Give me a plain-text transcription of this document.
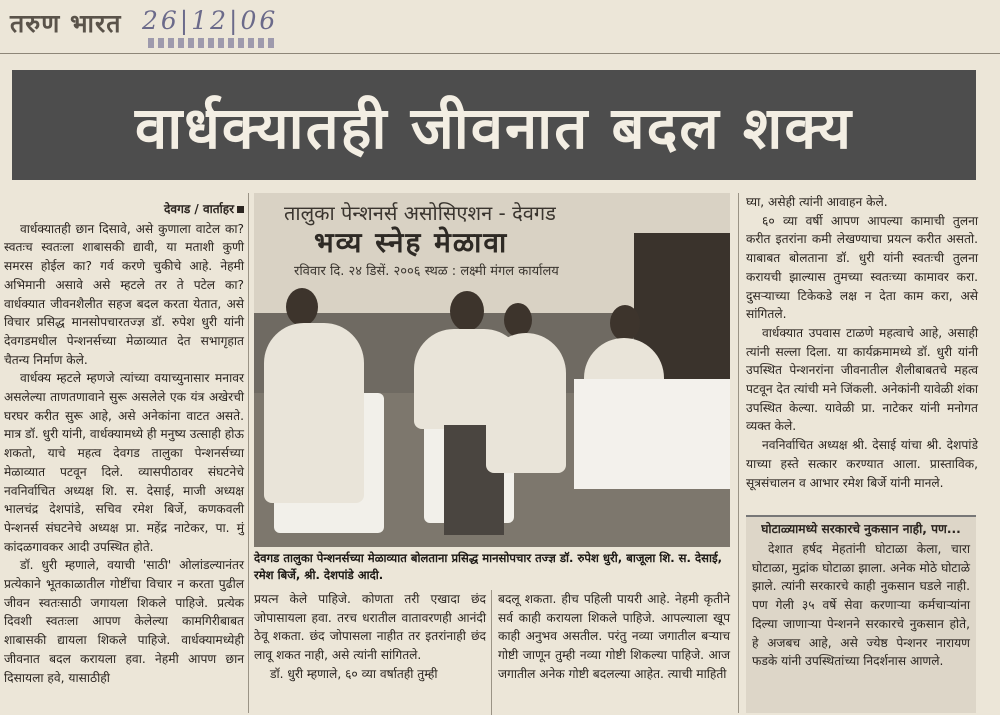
तरुण भारत 26|12|06
वार्धक्यातही जीवनात बदल शक्य
देवगड / वार्ताहर

वार्धक्यातही छान दिसावे, असे कुणाला वाटेल का? स्वतःच स्वतःला शाबासकी द्यावी, या मताशी कुणी समरस होईल का? गर्व करणे चुकीचे आहे. नेहमी अभिमानी असावे असे म्हटले तर ते पटेल का? वार्धक्यात जीवनशैलीत सहज बदल करता येतात, असे विचार प्रसिद्ध मानसोपचारतज्ज्ञ डॉ. रुपेश धुरी यांनी देवगडमधील पेन्शनर्सच्या मेळाव्यात देत सभागृहात चैतन्य निर्माण केले.

वार्धक्य म्हटले म्हणजे त्यांच्या वयाच्युनासार मनावर असलेल्या ताणतणावाने सुरू असलेले एक यंत्र अखेरची घरघर करीत सुरू आहे, असे अनेकांना वाटत असते. मात्र डॉ. धुरी यांनी, वार्धक्यामध्ये ही मनुष्य उत्साही होऊ शकतो, याचे महत्व देवगड तालुका पेन्शनर्सच्या मेळाव्यात पटवून दिले. व्यासपीठावर संघटनेचे नवनिर्वाचित अध्यक्ष शि. स. देसाई, माजी अध्यक्ष भालचंद्र देशपांडे, सचिव रमेश बिर्जे, कणकवली पेन्शनर्स संघटनेचे अध्यक्ष प्रा. महेंद्र नाटेकर, पा. मुं कांदळगावकर आदी उपस्थित होते.

डॉ. धुरी म्हणाले, वयाची 'साठी' ओलांडल्यानंतर प्रत्येकाने भूतकाळातील गोष्टींचा विचार न करता पुढील जीवन स्वतःसाठी जगायला शिकले पाहिजे. प्रत्येक दिवशी स्वतःला आपण केलेल्या कामगिरीबाबत शाबासकी द्यायला शिकले पाहिजे. वार्धक्यामध्येही जीवनात बदल करायला हवा. नेहमी आपण छान दिसायला हवे, यासाठीही

तालुका पेन्शनर्स असोसिएशन - देवगड
भव्य स्नेह मेळावा
रविवार दि. २४ डिसें. २००६ स्थळ : लक्ष्मी मंगल कार्यालय
देवगड तालुका पेन्शनर्सच्या मेळाव्यात बोलताना प्रसिद्ध मानसोपचार तज्ज्ञ डॉ. रुपेश धुरी, बाजूला शि. स. देसाई, रमेश बिर्जे, श्री. देशपांडे आदी.

प्रयत्न केले पाहिजे. कोणता तरी एखादा छंद जोपासायला हवा. तरच धरातील वातावरणही आनंदी ठेवू शकता. छंद जोपासला नाहीत तर इतरांनाही छंद लावू शकत नाही, असे त्यांनी सांगितले.

डॉ. धुरी म्हणाले, ६० व्या वर्षातही तुम्ही

बदलू शकता. हीच पहिली पायरी आहे. नेहमी कृतीने सर्व काही करायला शिकले पाहिजे. आपल्याला खूप काही अनुभव असतील. परंतु नव्या जगातील बऱ्याच गोष्टी जाणून तुम्ही नव्या गोष्टी शिकल्या पाहिजे. आज जगातील अनेक गोष्टी बदलल्या आहेत. त्याची माहिती

घ्या, असेही त्यांनी आवाहन केले.

६० व्या वर्षी आपण आपल्या कामाची तुलना करीत इतरांना कमी लेखण्याचा प्रयत्न करीत असतो. याबाबत बोलताना डॉ. धुरी यांनी स्वतःची तुलना करायची झाल्यास तुमच्या स्वतःच्या कामावर करा. दुसऱ्याच्या टिकेकडे लक्ष न देता काम करा, असे सांगितले.

वार्धक्यात उपवास टाळणे महत्वाचे आहे, असाही त्यांनी सल्ला दिला. या कार्यक्रमामध्ये डॉ. धुरी यांनी उपस्थित पेन्शनरांना जीवनातील शैलीबाबतचे महत्व पटवून देत त्यांची मने जिंकली. अनेकांनी यावेळी शंका उपस्थित केल्या. यावेळी प्रा. नाटेकर यांनी मनोगत व्यक्त केले.

नवनिर्वाचित अध्यक्ष श्री. देसाई यांचा श्री. देशपांडे याच्या हस्ते सत्कार करण्यात आला. प्रास्ताविक, सूत्रसंचालन व आभार रमेश बिर्जे यांनी मानले.

घोटाळ्यामध्ये सरकारचे नुकसान नाही, पण...

देशात हर्षद मेहतांनी घोटाळा केला, चारा घोटाळा, मुद्रांक घोटाळा झाला. अनेक मोठे घोटाळे झाले. त्यांनी सरकारचे काही नुकसान घडले नाही. पण गेली ३५ वर्षे सेवा करणाऱ्या कर्मचाऱ्यांना दिल्या जाणाऱ्या पेन्शनने सरकारचे नुकसान होते, हे अजबच आहे, असे ज्येष्ठ पेन्शनर नारायण फडके यांनी उपस्थितांच्या निदर्शनास आणले.
